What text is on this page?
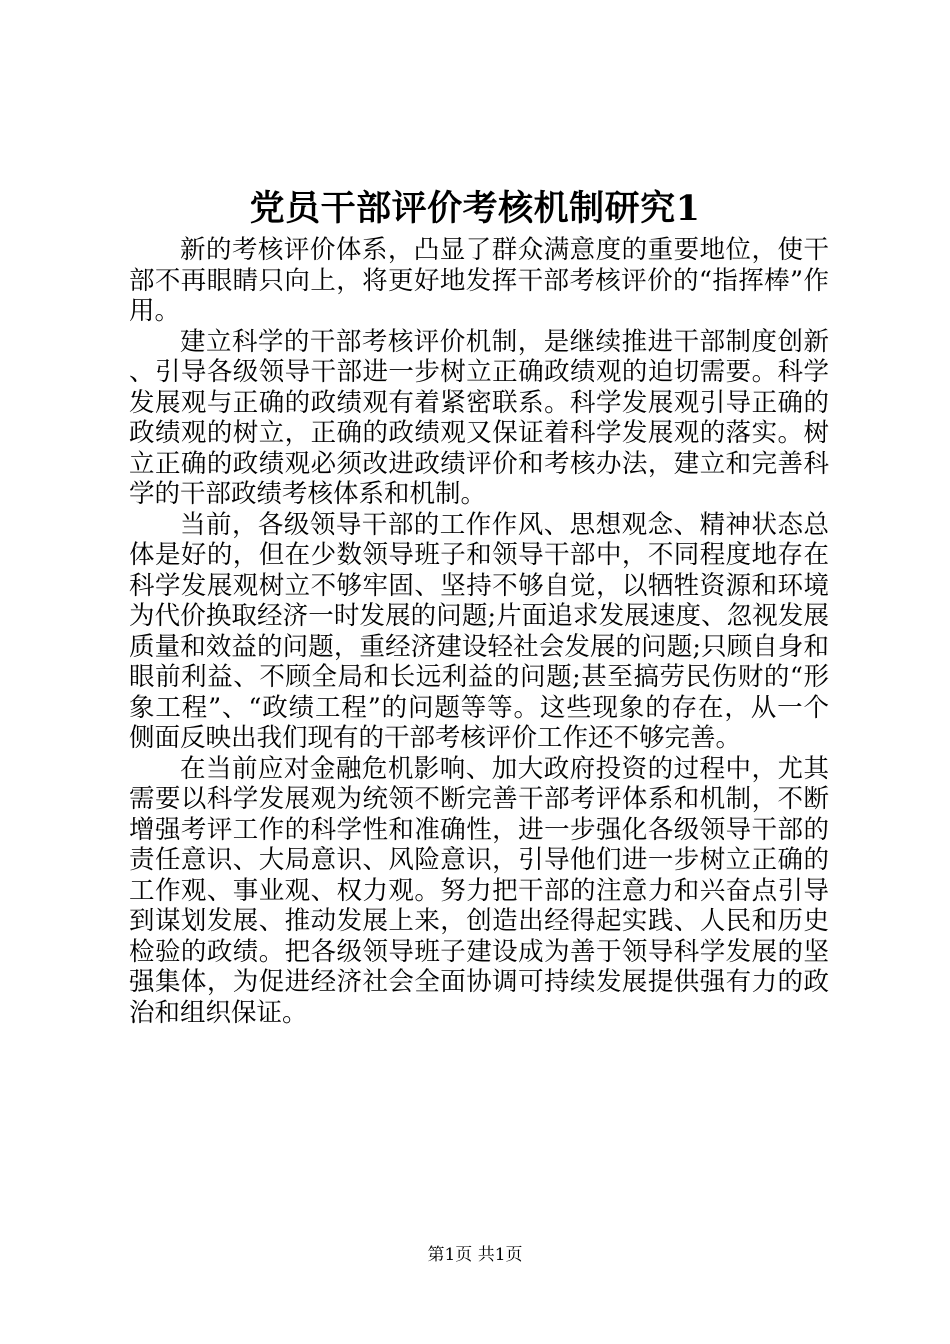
党员干部评价考核机制研究1

新的考核评价体系，凸显了群众满意度的重要地位，使干部不再眼睛只向上，将更好地发挥干部考核评价的“指挥棒”作用。

建立科学的干部考核评价机制，是继续推进干部制度创新、引导各级领导干部进一步树立正确政绩观的迫切需要。科学发展观与正确的政绩观有着紧密联系。科学发展观引导正确的政绩观的树立，正确的政绩观又保证着科学发展观的落实。树立正确的政绩观必须改进政绩评价和考核办法，建立和完善科学的干部政绩考核体系和机制。

当前，各级领导干部的工作作风、思想观念、精神状态总体是好的，但在少数领导班子和领导干部中，不同程度地存在科学发展观树立不够牢固、坚持不够自觉，以牺牲资源和环境为代价换取经济一时发展的问题;片面追求发展速度、忽视发展质量和效益的问题，重经济建设轻社会发展的问题;只顾自身和眼前利益、不顾全局和长远利益的问题;甚至搞劳民伤财的“形象工程”、“政绩工程”的问题等等。这些现象的存在，从一个侧面反映出我们现有的干部考核评价工作还不够完善。

在当前应对金融危机影响、加大政府投资的过程中，尤其需要以科学发展观为统领不断完善干部考评体系和机制，不断增强考评工作的科学性和准确性，进一步强化各级领导干部的责任意识、大局意识、风险意识，引导他们进一步树立正确的工作观、事业观、权力观。努力把干部的注意力和兴奋点引导到谋划发展、推动发展上来，创造出经得起实践、人民和历史检验的政绩。把各级领导班子建设成为善于领导科学发展的坚强集体，为促进经济社会全面协调可持续发展提供强有力的政治和组织保证。

第1页 共1页
